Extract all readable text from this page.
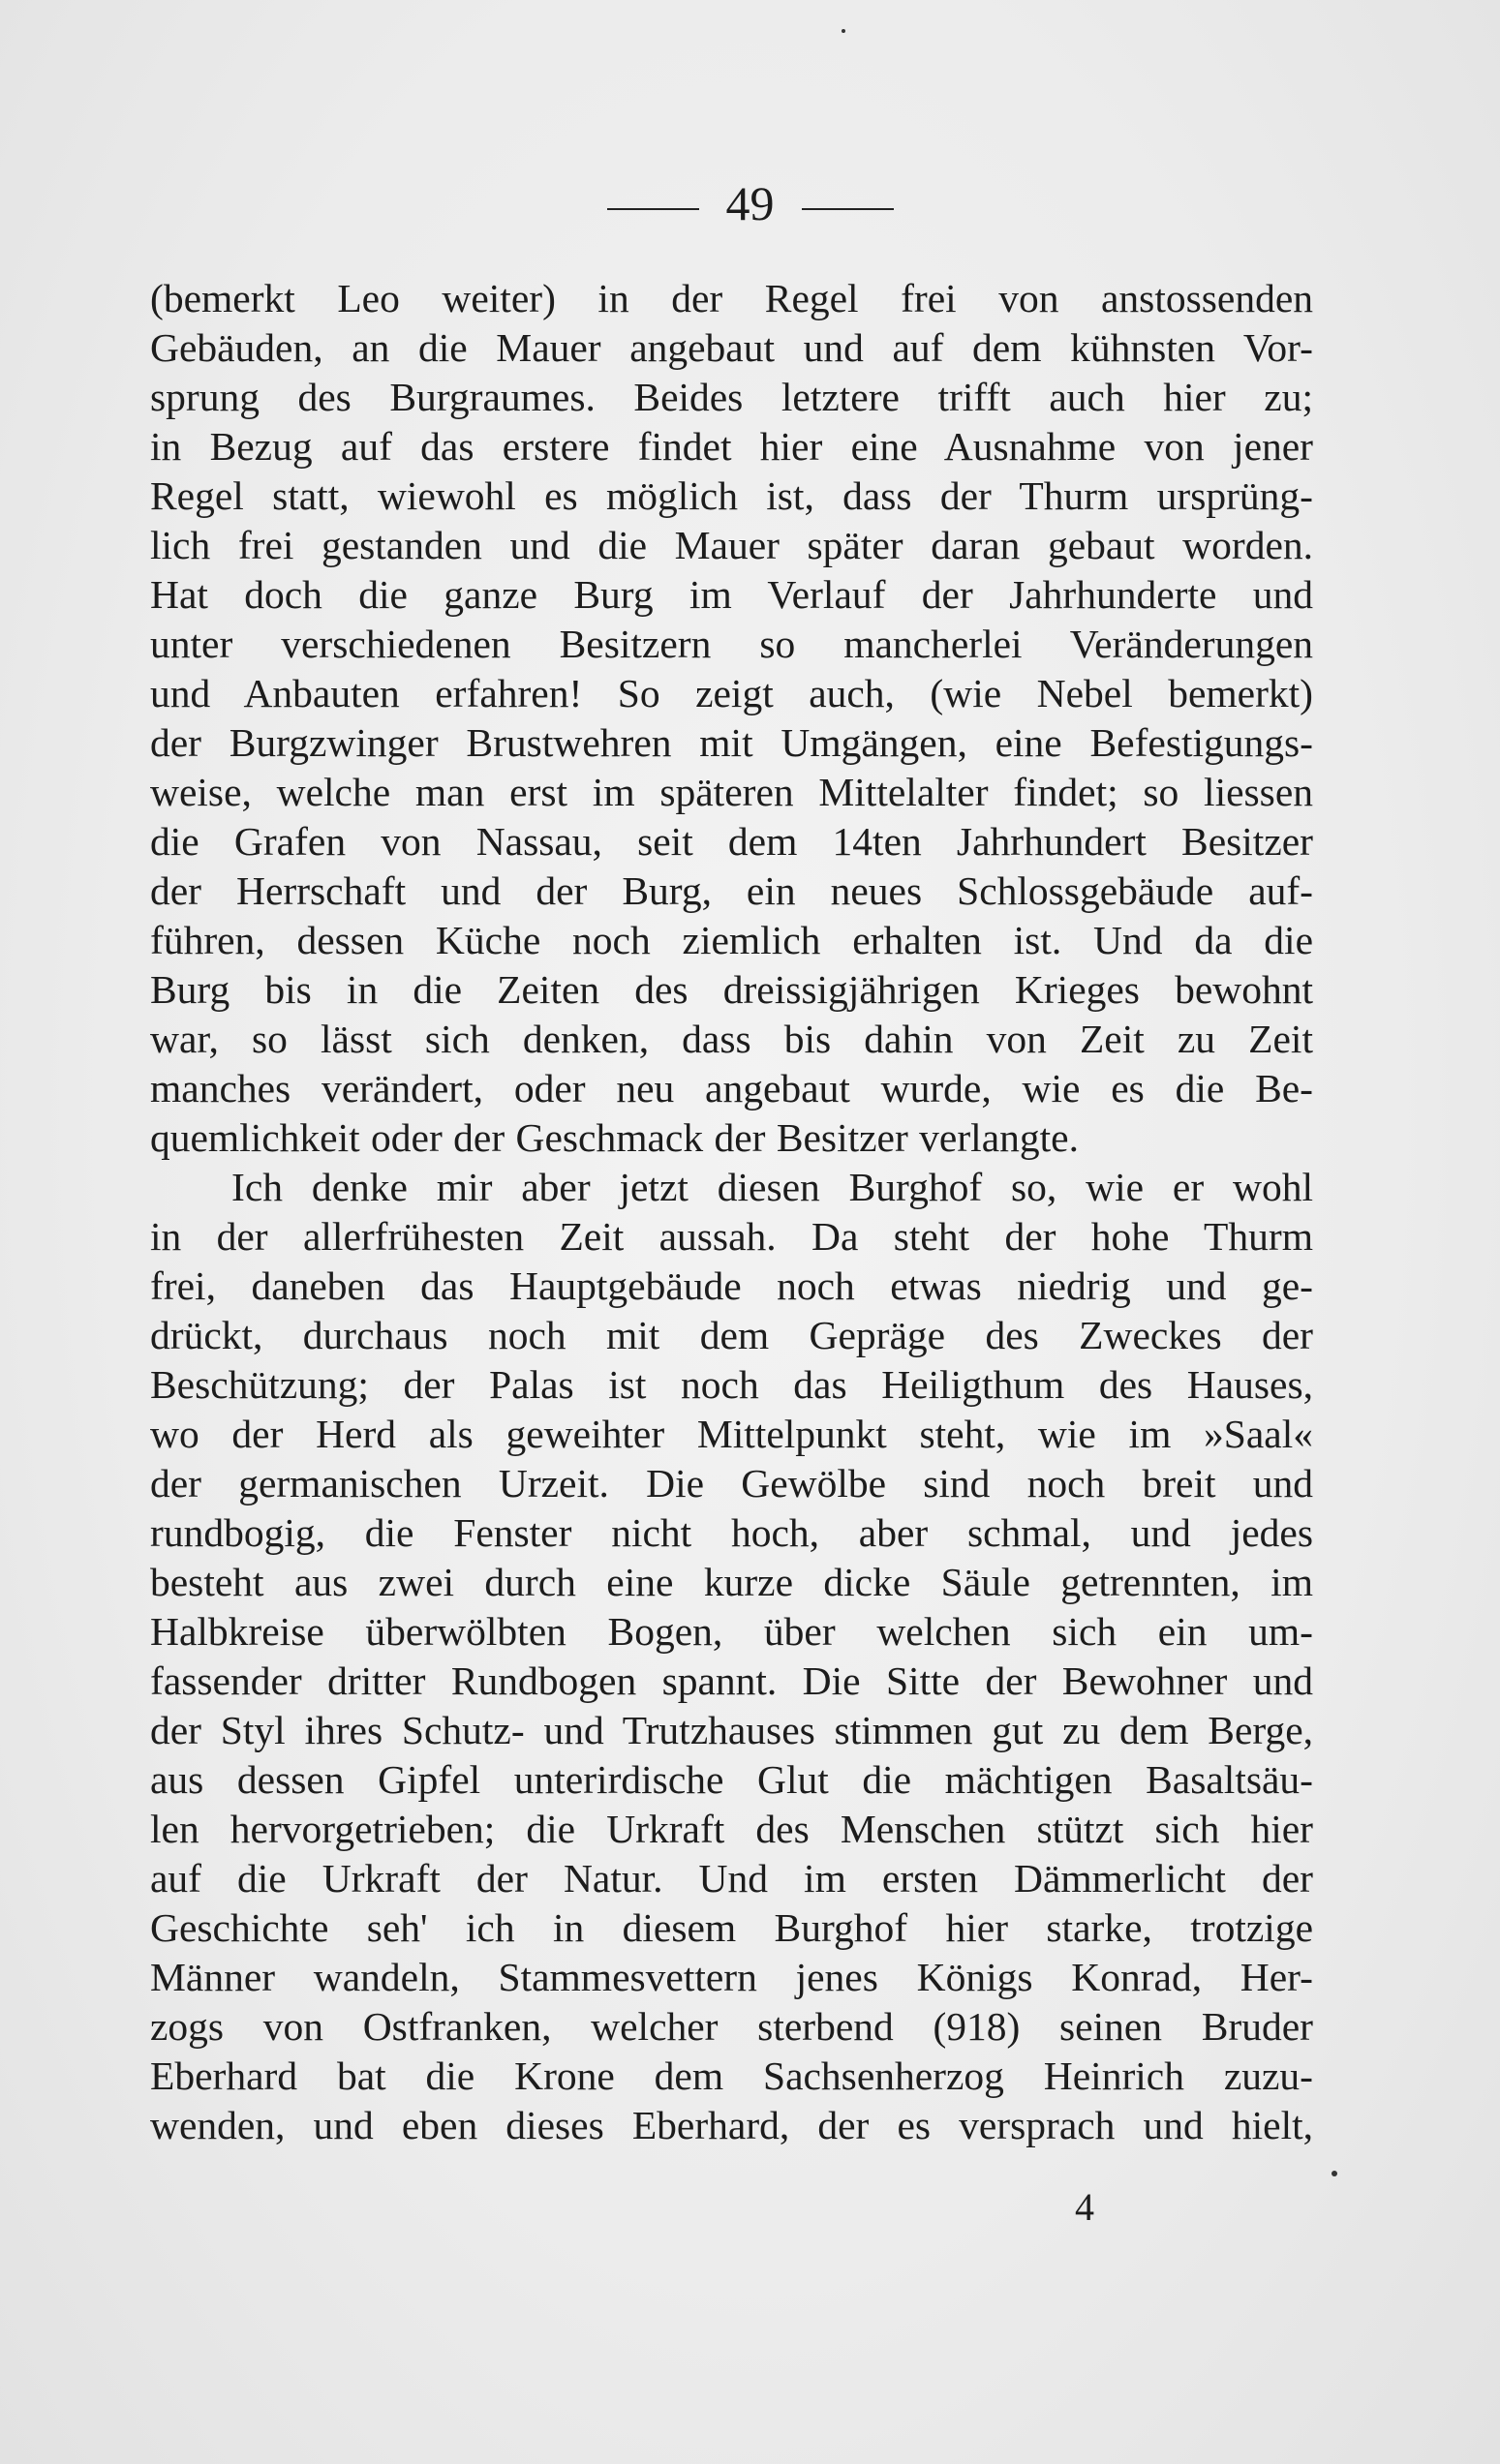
49
(bemerkt Leo weiter) in der Regel frei von anstossenden
Gebäuden, an die Mauer angebaut und auf dem kühnsten Vor-
sprung des Burgraumes. Beides letztere trifft auch hier zu;
in Bezug auf das erstere findet hier eine Ausnahme von jener
Regel statt, wiewohl es möglich ist, dass der Thurm ursprüng-
lich frei gestanden und die Mauer später daran gebaut worden.
Hat doch die ganze Burg im Verlauf der Jahrhunderte und
unter verschiedenen Besitzern so mancherlei Veränderungen
und Anbauten erfahren! So zeigt auch, (wie Nebel bemerkt)
der Burgzwinger Brustwehren mit Umgängen, eine Befestigungs-
weise, welche man erst im späteren Mittelalter findet; so liessen
die Grafen von Nassau, seit dem 14ten Jahrhundert Besitzer
der Herrschaft und der Burg, ein neues Schlossgebäude auf-
führen, dessen Küche noch ziemlich erhalten ist. Und da die
Burg bis in die Zeiten des dreissigjährigen Krieges bewohnt
war, so lässt sich denken, dass bis dahin von Zeit zu Zeit
manches verändert, oder neu angebaut wurde, wie es die Be-
quemlichkeit oder der Geschmack der Besitzer verlangte.
Ich denke mir aber jetzt diesen Burghof so, wie er wohl
in der allerfrühesten Zeit aussah. Da steht der hohe Thurm
frei, daneben das Hauptgebäude noch etwas niedrig und ge-
drückt, durchaus noch mit dem Gepräge des Zweckes der
Beschützung; der Palas ist noch das Heiligthum des Hauses,
wo der Herd als geweihter Mittelpunkt steht, wie im »Saal«
der germanischen Urzeit. Die Gewölbe sind noch breit und
rundbogig, die Fenster nicht hoch, aber schmal, und jedes
besteht aus zwei durch eine kurze dicke Säule getrennten, im
Halbkreise überwölbten Bogen, über welchen sich ein um-
fassender dritter Rundbogen spannt. Die Sitte der Bewohner und
der Styl ihres Schutz- und Trutzhauses stimmen gut zu dem Berge,
aus dessen Gipfel unterirdische Glut die mächtigen Basaltsäu-
len hervorgetrieben; die Urkraft des Menschen stützt sich hier
auf die Urkraft der Natur. Und im ersten Dämmerlicht der
Geschichte seh' ich in diesem Burghof hier starke, trotzige
Männer wandeln, Stammesvettern jenes Königs Konrad, Her-
zogs von Ostfranken, welcher sterbend (918) seinen Bruder
Eberhard bat die Krone dem Sachsenherzog Heinrich zuzu-
wenden, und eben dieses Eberhard, der es versprach und hielt,
4
